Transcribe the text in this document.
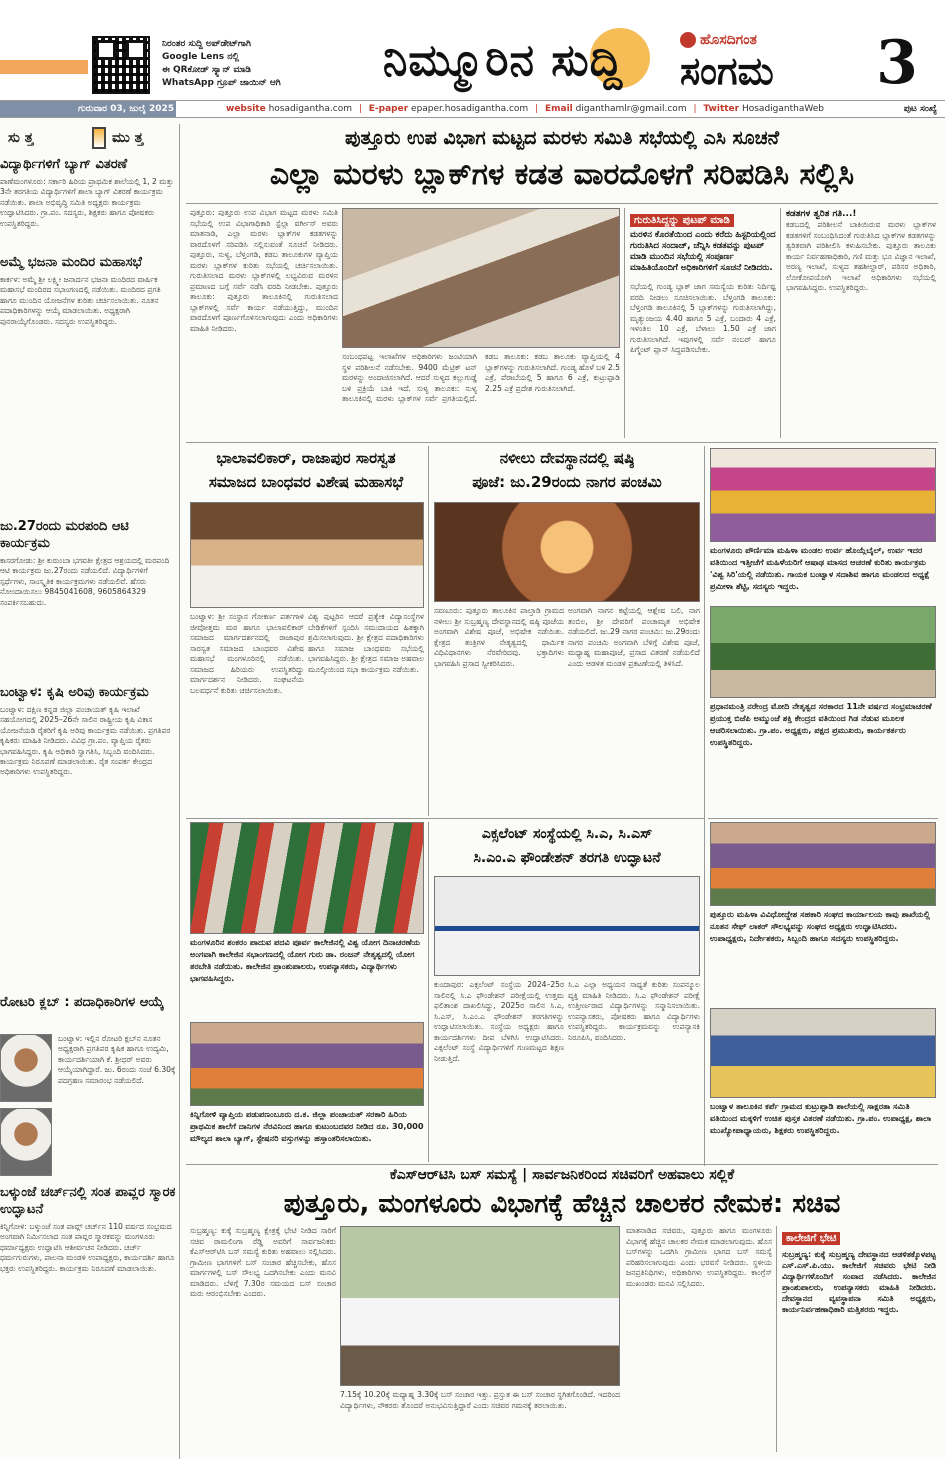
ನಿರಂತರ ಸುದ್ದಿ ಅಪ್‌ಡೇಟ್‌ಗಾಗಿ
Google Lens ನಲ್ಲಿ
ಈ QRಕೋಡ್ ಸ್ಕ್ಯಾನ್ ಮಾಡಿ
WhatsApp ಗ್ರೂಪ್ ಜಾಯಿನ್ ಆಗಿ	ನಿಮ್ಮೂರಿನ ಸುದ್ದಿ	ಹೊಸದಿಗಂತ
ಸಂಗಮ 3
ಗುರುವಾರ 03, ಜುಲೈ 2025	website hosadigantha.com | E-paper epaper.hosadigantha.com | Email diganthamlr@gmail.com | Twitter HosadiganthaWeb	ಪುಟ ಸಂಖ್ಯೆ
ಸು ತ್ತ	ಮು ತ್ತ
ವಿದ್ಯಾರ್ಥಿಗಳಿಗೆ ಬ್ಯಾಗ್ ವಿತರಣೆ
ಪಾಣೆಮಂಗಳೂರು: ಸರ್ಕಾರಿ ಹಿರಿಯ ಪ್ರಾಥಮಿಕ ಶಾಲೆಯಲ್ಲಿ 1, 2 ಮತ್ತು 3ನೇ ತರಗತಿಯ ವಿದ್ಯಾರ್ಥಿಗಳಿಗೆ ಶಾಲಾ ಬ್ಯಾಗ್ ವಿತರಣೆ ಕಾರ್ಯಕ್ರಮ ನಡೆಯಿತು. ಶಾಲಾ ಅಭಿವೃದ್ಧಿ ಸಮಿತಿ ಅಧ್ಯಕ್ಷರು ಕಾರ್ಯಕ್ರಮ ಉದ್ಘಾಟಿಸಿದರು. ಗ್ರಾ.ಪಂ. ಸದಸ್ಯರು, ಶಿಕ್ಷಕರು ಹಾಗೂ ಪೋಷಕರು ಉಪಸ್ಥಿತರಿದ್ದರು.
ಅಮ್ಮೆ ಭಜನಾ ಮಂದಿರ ಮಹಾಸಭೆ
ಕಾರ್ಕಳ: ಅಮ್ಮೆ ಶ್ರೀ ಲಕ್ಷ್ಮೀ ಜನಾರ್ದನ ಭಜನಾ ಮಂದಿರದ ವಾರ್ಷಿಕ ಮಹಾಸಭೆ ಮಂದಿರದ ಸಭಾಂಗಣದಲ್ಲಿ ನಡೆಯಿತು. ಮಂದಿರದ ಪ್ರಗತಿ ಹಾಗೂ ಮುಂದಿನ ಯೋಜನೆಗಳ ಕುರಿತು ಚರ್ಚಿಸಲಾಯಿತು. ನೂತನ ಪದಾಧಿಕಾರಿಗಳನ್ನು ಆಯ್ಕೆ ಮಾಡಲಾಯಿತು. ಅಧ್ಯಕ್ಷರಾಗಿ ಪುನರಾಯ್ಕೆಗೊಂಡರು. ಸದಸ್ಯರು ಉಪಸ್ಥಿತರಿದ್ದರು.
ಜು.27ರಂದು ಮರಪಂದಿ ಆಟಿ ಕಾರ್ಯಕ್ರಮ
ಕಾಸರಗೋಡು: ಶ್ರೀ ಕುರುಂಬಾ ಭಗವತೀ ಕ್ಷೇತ್ರದ ಆಶ್ರಯದಲ್ಲಿ ಮರಪಂದಿ ಆಟಿ ಕಾರ್ಯಕ್ರಮ ಜು.27ರಂದು ನಡೆಯಲಿದೆ. ವಿದ್ಯಾರ್ಥಿಗಳಿಗೆ ಸ್ಪರ್ಧೆಗಳು, ಸಾಂಸ್ಕೃತಿಕ ಕಾರ್ಯಕ್ರಮಗಳು ನಡೆಯಲಿವೆ. ಹೆಸರು ನೋಂದಾಯಿಸಲು 9845041608, 9605864329 ಸಂಪರ್ಕಿಸಬಹುದು.
ಬಂಟ್ವಾಳ: ಕೃಷಿ ಅರಿವು ಕಾರ್ಯಕ್ರಮ
ಬಂಟ್ವಾಳ: ದಕ್ಷಿಣ ಕನ್ನಡ ಜಿಲ್ಲಾ ಪಂಚಾಯತ್ ಕೃಷಿ ಇಲಾಖೆ ಸಹಯೋಗದಲ್ಲಿ 2025–26ನೇ ಸಾಲಿನ ರಾಷ್ಟ್ರೀಯ ಕೃಷಿ ವಿಕಾಸ ಯೋಜನೆಯಡಿ ರೈತರಿಗೆ ಕೃಷಿ ಅರಿವು ಕಾರ್ಯಕ್ರಮ ನಡೆಯಿತು. ಪ್ರಗತಿಪರ ಕೃಷಿಕರು ಮಾಹಿತಿ ನೀಡಿದರು. ವಿವಿಧ ಗ್ರಾ.ಪಂ. ವ್ಯಾಪ್ತಿಯ ರೈತರು ಭಾಗವಹಿಸಿದ್ದರು. ಕೃಷಿ ಅಧಿಕಾರಿ ಸ್ವಾಗತಿಸಿ, ಸಿಬ್ಬಂದಿ ವಂದಿಸಿದರು. ಕಾರ್ಯಕ್ರಮ ನಿರೂಪಣೆ ಮಾಡಲಾಯಿತು. ರೈತ ಸಂಪರ್ಕ ಕೇಂದ್ರದ ಅಧಿಕಾರಿಗಳು ಉಪಸ್ಥಿತರಿದ್ದರು.
ರೋಟರಿ ಕ್ಲಬ್ : ಪದಾಧಿಕಾರಿಗಳ ಆಯ್ಕೆ
ಬಂಟ್ವಾಳ: ಇಲ್ಲಿನ ರೋಟರಿ ಕ್ಲಬ್‌ನ ನೂತನ ಅಧ್ಯಕ್ಷರಾಗಿ ಪ್ರಗತಿಪರ ಕೃಷಿಕ ಹಾಗೂ ಉದ್ಯಮಿ, ಕಾರ್ಯದರ್ಶಿಯಾಗಿ ಕೆ. ಶ್ರೀಧರ್ ಅವರು ಆಯ್ಕೆಯಾಗಿದ್ದಾರೆ. ಜು. 6ರಂದು ಸಂಜೆ 6.30ಕ್ಕೆ ಪದಗ್ರಹಣ ಸಮಾರಂಭ ನಡೆಯಲಿದೆ.
ಬಳ್ಕುಂಜೆ ಚರ್ಚ್‌ನಲ್ಲಿ ಸಂತ ಪಾವ್ಲರ ಸ್ಮಾರಕ ಉದ್ಘಾಟನೆ
ಕಿನ್ನಿಗೋಳಿ: ಬಳ್ಕುಂಜೆ ಸಂತ ಪಾವ್ಲ್ ಚರ್ಚ್‌ನ 110 ವರ್ಷದ ಸಂಭ್ರಮದ ಅಂಗವಾಗಿ ನಿರ್ಮಿಸಲಾದ ಸಂತ ಪಾವ್ಲರ ಸ್ಮಾರಕವನ್ನು ಮಂಗಳೂರು ಧರ್ಮಾಧ್ಯಕ್ಷರು ಉದ್ಘಾಟಿಸಿ ಆಶೀರ್ವಚನ ನೀಡಿದರು. ಚರ್ಚ್ ಧರ್ಮಗುರುಗಳು, ಪಾಲನಾ ಮಂಡಳಿ ಉಪಾಧ್ಯಕ್ಷರು, ಕಾರ್ಯದರ್ಶಿ ಹಾಗೂ ಭಕ್ತರು ಉಪಸ್ಥಿತರಿದ್ದರು. ಕಾರ್ಯಕ್ರಮ ನಿರೂಪಣೆ ಮಾಡಲಾಯಿತು.
ಪುತ್ತೂರು ಉಪ ವಿಭಾಗ ಮಟ್ಟದ ಮರಳು ಸಮಿತಿ ಸಭೆಯಲ್ಲಿ ಎಸಿ ಸೂಚನೆ
ಎಲ್ಲಾ ಮರಳು ಬ್ಲಾಕ್‌ಗಳ ಕಡತ ವಾರದೊಳಗೆ ಸರಿಪಡಿಸಿ ಸಲ್ಲಿಸಿ
ಪುತ್ತೂರು: ಪುತ್ತೂರು ಉಪ ವಿಭಾಗ ಮಟ್ಟದ ಮರಳು ಸಮಿತಿ ಸಭೆಯಲ್ಲಿ ಉಪ ವಿಭಾಗಾಧಿಕಾರಿ ಸ್ಟೆಲ್ಲಾ ವರ್ಗೀಸ್ ಅವರು ಮಾತನಾಡಿ, ಎಲ್ಲಾ ಮರಳು ಬ್ಲಾಕ್‌ಗಳ ಕಡತಗಳನ್ನು ವಾರದೊಳಗೆ ಸರಿಪಡಿಸಿ ಸಲ್ಲಿಸುವಂತೆ ಸೂಚನೆ ನೀಡಿದರು. ಪುತ್ತೂರು, ಸುಳ್ಯ, ಬೆಳ್ತಂಗಡಿ, ಕಡಬ ತಾಲೂಕುಗಳ ವ್ಯಾಪ್ತಿಯ ಮರಳು ಬ್ಲಾಕ್‌ಗಳ ಕುರಿತು ಸಭೆಯಲ್ಲಿ ಚರ್ಚಿಸಲಾಯಿತು. ಗುರುತಿಸಲಾದ ಮರಳು ಬ್ಲಾಕ್‌ಗಳಲ್ಲಿ ಲಭ್ಯವಿರುವ ಮರಳಿನ ಪ್ರಮಾಣದ ಬಗ್ಗೆ ಸರ್ವೆ ನಡೆಸಿ ವರದಿ ನೀಡಬೇಕು. ಪುತ್ತೂರು ತಾಲೂಕು: ಪುತ್ತೂರು ತಾಲೂಕಿನಲ್ಲಿ ಗುರುತಿಸಲಾದ ಬ್ಲಾಕ್‌ಗಳಲ್ಲಿ ಸರ್ವೆ ಕಾರ್ಯ ನಡೆಯುತ್ತಿದ್ದು, ಮುಂದಿನ ವಾರದೊಳಗೆ ಪೂರ್ಣಗೊಳಿಸಲಾಗುವುದು ಎಂದು ಅಧಿಕಾರಿಗಳು ಮಾಹಿತಿ ನೀಡಿದರು.
ಸಂಬಂಧಪಟ್ಟ ಇಲಾಖೆಗಳ ಅಧಿಕಾರಿಗಳು ಜಂಟಿಯಾಗಿ ಸ್ಥಳ ಪರಿಶೀಲನೆ ನಡೆಸಬೇಕು. 9400 ಮೆಟ್ರಿಕ್ ಟನ್ ಮರಳನ್ನು ಅಂದಾಜಿಸಲಾಗಿದೆ. ಆದರೆ ಸುಳ್ಯದ ಕಲ್ಲುಗುಡ್ಡೆ ಬಳಿ ಪ್ರಕ್ರಿಯೆ ಬಾಕಿ ಇದೆ. ಸುಳ್ಯ ತಾಲೂಕು: ಸುಳ್ಯ ತಾಲೂಕಿನಲ್ಲಿ ಮರಳು ಬ್ಲಾಕ್‌ಗಳ ಸರ್ವೆ ಪ್ರಗತಿಯಲ್ಲಿದೆ. ಕಡಬ ತಾಲೂಕು: ಕಡಬ ತಾಲೂಕು ವ್ಯಾಪ್ತಿಯಲ್ಲಿ 4 ಬ್ಲಾಕ್‌ಗಳನ್ನು ಗುರುತಿಸಲಾಗಿದೆ. ಗುಂಡ್ಯ ಹೊಳೆ ಬಳಿ 2.5 ಎಕ್ರೆ, ಪೆರಾಬೆಯಲ್ಲಿ 5 ಹಾಗೂ 6 ಎಕ್ರೆ, ಕುಟ್ರುಪ್ಪಾಡಿ 2.25 ಎಕ್ರೆ ಪ್ರದೇಶ ಗುರುತಿಸಲಾಗಿದೆ.
ಗುರುತಿಸಿದ್ದನ್ನು ಪುಟಪ್ ಮಾಡಿ
ಮರಳಿನ ಕೊರತೆಯಿಂದ ಎಂದು ಕರೆದು ಹಿಸ್ಟರಿಯಲ್ಲಿಂದ ಗುರುತಿಸಿದ ಸಂದಾಜ್, ಚೆನ್ನಿಸಿ ಕಡತವನ್ನು ಪುಟಪ್ ಮಾಡಿ ಮುಂದಿನ ಸಭೆಯಲ್ಲಿ ಸಂಪೂರ್ಣ ಮಾಹಿತಿಯೊಂದಿಗೆ ಅಧಿಕಾರಿಗಳಿಗೆ ಸೂಚನೆ ನೀಡಿದರು.
ಸಭೆಯಲ್ಲಿ ಗುಂಡ್ಯ ಬ್ಲಾಕ್ ಜಾಗ ಸಮಸ್ಯೆಯ ಕುರಿತು ನಿರ್ದಿಷ್ಟ ವರದಿ ನೀಡಲು ಸೂಚಿಸಲಾಯಿತು. ಬೆಳ್ತಂಗಡಿ ತಾಲೂಕು: ಬೆಳ್ತಂಗಡಿ ತಾಲೂಕಿನಲ್ಲಿ 5 ಬ್ಲಾಕ್‌ಗಳನ್ನು ಗುರುತಿಸಲಾಗಿದ್ದು, ಮೃತ್ಯುಂಜಯ 4.40 ಹಾಗೂ 5 ಎಕ್ರೆ, ಬಂದಾರು 4 ಎಕ್ರೆ, ಇಳಂತಿಲ 10 ಎಕ್ರೆ, ಬೆಳಾಲು 1.50 ಎಕ್ರೆ ಜಾಗ ಗುರುತಿಸಲಾಗಿದೆ. ಇವುಗಳಲ್ಲಿ ಸರ್ವೆ ನಂಬರ್ ಹಾಗೂ ಪಿಗ್ಮೆಂಟ್ ಪ್ಲಾನ್ ಸಿದ್ಧಪಡಿಸಬೇಕು.
ಕಡತಗಳ ತ್ವರಿತ ಗತಿ...!
ಕಡಬದಲ್ಲಿ ಪರಿಶೀಲನೆ ಬಾಕಿಯಿರುವ ಮರಳು ಬ್ಲಾಕ್‌ಗಳ ಕಡತಗಳಿಗೆ ಸಂಬಂಧಿಸಿದಂತೆ ಗುರುತಿಸಿದ ಬ್ಲಾಕ್‌ಗಳ ಕಡತಗಳನ್ನು ತ್ವರಿತವಾಗಿ ಪರಿಶೀಲಿಸಿ ಕಳುಹಿಸಬೇಕು. ಪುತ್ತೂರು ತಾಲೂಕು ಕಾರ್ಯ ನಿರ್ವಹಣಾಧಿಕಾರಿ, ಗಣಿ ಮತ್ತು ಭೂ ವಿಜ್ಞಾನ ಇಲಾಖೆ, ಅರಣ್ಯ ಇಲಾಖೆ, ಸುಳ್ಯದ ತಹಶೀಲ್ದಾರ್, ಪರಿಸರ ಅಧಿಕಾರಿ, ಲೋಕೋಪಯೋಗಿ ಇಲಾಖೆ ಅಧಿಕಾರಿಗಳು ಸಭೆಯಲ್ಲಿ ಭಾಗವಹಿಸಿದ್ದರು. ಉಪಸ್ಥಿತರಿದ್ದರು.
ಭಾಲಾವಲಿಕಾರ್, ರಾಜಾಪುರ ಸಾರಸ್ವತ
ಸಮಾಜದ ಬಾಂಧವರ ವಿಶೇಷ ಮಹಾಸಭೆ
ಬಂಟ್ವಾಳ: ಶ್ರೀ ಸಂಸ್ಥಾನ ಗೋಕರ್ಣ ಪರ್ತಗಾಳಿ ಜೀವೋತ್ತಮ ಮಠ ಹಾಗೂ ಭಾಲಾವಲಿಕಾರ್ ಸಮಾಜದ ಮಾರ್ಗದರ್ಶನದಲ್ಲಿ ರಾಜಾಪುರ ಸಾರಸ್ವತ ಸಮಾಜದ ಬಾಂಧವರ ವಿಶೇಷ ಮಹಾಸಭೆ ಮಂಗಳೂರಿನಲ್ಲಿ ನಡೆಯಿತು. ಸಮಾಜದ ಹಿರಿಯರು ಉಪಸ್ಥಿತರಿದ್ದು ಮಾರ್ಗದರ್ಶನ ನೀಡಿದರು. ಸಂಘಟನೆಯ ಬಲವರ್ಧನೆ ಕುರಿತು ಚರ್ಚಿಸಲಾಯಿತು.
ವಿಶ್ವ ಪುಟ್ಟರಿನ ಆದರೆ ಪ್ರತ್ಯೇಕ ವಿದ್ಯಾಸಂಸ್ಥೆಗಳ ಬೇಡಿಕೆಗಳಿಗೆ ಸ್ಪಂದಿಸಿ ಸಮುದಾಯದ ಹಿತಕ್ಕಾಗಿ ಶ್ರಮಿಸಲಾಗುವುದು. ಶ್ರೀ ಕ್ಷೇತ್ರದ ಪದಾಧಿಕಾರಿಗಳು ಹಾಗೂ ಸಮಾಜ ಬಾಂಧವರು ಸಭೆಯಲ್ಲಿ ಭಾಗವಹಿಸಿದ್ದರು. ಶ್ರೀ ಕ್ಷೇತ್ರದ ಸಮಾಜ ಅಹವಾಲ ಮೂಲ್ಕೀಯಿಂದ ಸಭಾ ಕಾರ್ಯಕ್ರಮ ನಡೆಯಿತು.
ನಳೀಲು ದೇವಸ್ಥಾನದಲ್ಲಿ ಷಷ್ಠಿ
ಪೂಜೆ: ಜು.29ರಂದು ನಾಗರ ಪಂಚಮಿ
ಸವಣೂರು: ಪುತ್ತೂರು ತಾಲೂಕಿನ ಪಾಲ್ತಾಡಿ ಗ್ರಾಮದ ನಳೀಲು ಶ್ರೀ ಸುಬ್ರಹ್ಮಣ್ಯ ದೇವಸ್ಥಾನದಲ್ಲಿ ಷಷ್ಠಿ ಪೂಜೆಯ ಅಂಗವಾಗಿ ವಿಶೇಷ ಪೂಜೆ, ಅಭಿಷೇಕ ನಡೆಯಿತು. ಕ್ಷೇತ್ರದ ತಂತ್ರಿಗಳ ನೇತೃತ್ವದಲ್ಲಿ ಧಾರ್ಮಿಕ ವಿಧಿವಿಧಾನಗಳು ನೆರವೇರಿದವು. ಭಕ್ತಾದಿಗಳು ಭಾಗವಹಿಸಿ ಪ್ರಸಾದ ಸ್ವೀಕರಿಸಿದರು.
ಅಂಗವಾಗಿ ನಾಗನ ಕಟ್ಟೆಯಲ್ಲಿ ಆಶ್ಲೇಷ ಬಲಿ, ನಾಗ ತಂಬಿಲ, ಶ್ರೀ ದೇವರಿಗೆ ಪಂಚಾಮೃತ ಅಭಿಷೇಕ ನಡೆಯಲಿದೆ. ಜು.29 ನಾಗರ ಪಂಚಮಿ: ಜು.29ರಂದು ನಾಗರ ಪಂಚಮಿ ಅಂಗವಾಗಿ ಬೆಳಿಗ್ಗೆ ವಿಶೇಷ ಪೂಜೆ, ಮಧ್ಯಾಹ್ನ ಮಹಾಪೂಜೆ, ಪ್ರಸಾದ ವಿತರಣೆ ನಡೆಯಲಿದೆ ಎಂದು ಆಡಳಿತ ಮಂಡಳಿ ಪ್ರಕಟಣೆಯಲ್ಲಿ ತಿಳಿಸಿದೆ.
ಮಂಗಳೂರು ಪೌರ್ಣಿಮಾ ಮಹಿಳಾ ಮಂಡಲ ಉರ್ವ ಹೊಯ್ಗೆಬೈಲ್, ಉರ್ವ ಇದರ ವತಿಯಿಂದ ಇತ್ತೀಚೆಗೆ ಮಹಿಳೆಯರಿಗೆ ಆಷಾಢ ಮಾಸದ ಆಚರಣೆ ಕುರಿತು ಕಾರ್ಯಕ್ರಮ 'ವಿಶ್ವ ಸಿರಿ'ಯಲ್ಲಿ ನಡೆಯಿತು. ಗಾಯಕ ಬಂಟ್ವಾಳ ಸದಾಶಿವ ಹಾಗೂ ಮಂಡಲದ ಅಧ್ಯಕ್ಷೆ ಪ್ರಮೀಳಾ ಶೆಟ್ಟಿ, ಸದಸ್ಯರು ಇದ್ದರು.
ಪ್ರಧಾನಮಂತ್ರಿ ನರೇಂದ್ರ ಮೋದಿ ನೇತೃತ್ವದ ಸರಕಾರದ 11ನೇ ವರ್ಷದ ಸಂಭ್ರಮಾಚರಣೆ ಪ್ರಯುಕ್ತ ಬಿಜೆಪಿ ಅಮ್ಮುಂಜೆ ಶಕ್ತಿ ಕೇಂದ್ರದ ವತಿಯಿಂದ ಗಿಡ ನೆಡುವ ಮೂಲಕ ಆಚರಿಸಲಾಯಿತು. ಗ್ರಾ.ಪಂ. ಅಧ್ಯಕ್ಷರು, ಪಕ್ಷದ ಪ್ರಮುಖರು, ಕಾರ್ಯಕರ್ತರು ಉಪಸ್ಥಿತರಿದ್ದರು.
ಪುತ್ತೂರು ಮಹಿಳಾ ವಿವಿಧೋದ್ದೇಶ ಸಹಕಾರಿ ಸಂಘದ ಕಾರ್ಯಾಲಯ ಕಾವು ಶಾಖೆಯಲ್ಲಿ ನೂತನ ಸೇಫ್ ಲಾಕರ್ ಸೌಲಭ್ಯವನ್ನು ಸಂಘದ ಅಧ್ಯಕ್ಷರು ಉದ್ಘಾಟಿಸಿದರು. ಉಪಾಧ್ಯಕ್ಷರು, ನಿರ್ದೇಶಕರು, ಸಿಬ್ಬಂದಿ ಹಾಗೂ ಸದಸ್ಯರು ಉಪಸ್ಥಿತರಿದ್ದರು.
ಬಂಟ್ವಾಳ ತಾಲೂಕಿನ ಕರ್ಪೆ ಗ್ರಾಮದ ಕುಟ್ರುಪ್ಪಾಡಿ ಶಾಲೆಯಲ್ಲಿ ಸಾಕ್ಷರತಾ ಸಮಿತಿ ವತಿಯಿಂದ ಮಕ್ಕಳಿಗೆ ಉಚಿತ ಪುಸ್ತಕ ವಿತರಣೆ ನಡೆಯಿತು. ಗ್ರಾ.ಪಂ. ಉಪಾಧ್ಯಕ್ಷ, ಶಾಲಾ ಮುಖ್ಯೋಪಾಧ್ಯಾಯರು, ಶಿಕ್ಷಕರು ಉಪಸ್ಥಿತರಿದ್ದರು.
ಮಂಗಳೂರಿನ ಶಂಕರಂ ಪಾದುವ ಪದವಿ ಪೂರ್ವ ಕಾಲೇಜಿನಲ್ಲಿ ವಿಶ್ವ ಯೋಗ ದಿನಾಚರಣೆಯ ಅಂಗವಾಗಿ ಕಾಲೇಜಿನ ಸಭಾಂಗಣದಲ್ಲಿ ಯೋಗ ಗುರು ಡಾ. ರಂಜನ್ ನೇತೃತ್ವದಲ್ಲಿ ಯೋಗ ತರಬೇತಿ ನಡೆಯಿತು. ಕಾಲೇಜಿನ ಪ್ರಾಂಶುಪಾಲರು, ಉಪನ್ಯಾಸಕರು, ವಿದ್ಯಾರ್ಥಿಗಳು ಭಾಗವಹಿಸಿದ್ದರು.
ಕಿನ್ನಿಗೋಳಿ ವ್ಯಾಪ್ತಿಯ ಪಡುಪಣಂಬೂರು ದ.ಕ. ಜಿಲ್ಲಾ ಪಂಚಾಯತ್ ಸರಕಾರಿ ಹಿರಿಯ ಪ್ರಾಥಮಿಕ ಶಾಲೆಗೆ ದಾನಿಗಳ ನೆರವಿನಿಂದ ಹಾಗೂ ಕುಟುಂಬದವರ ನೀಡಿದ ರೂ. 30,000 ಮೌಲ್ಯದ ಶಾಲಾ ಬ್ಯಾಗ್, ಸ್ಟೇಷನರಿ ವಸ್ತುಗಳನ್ನು ಹಸ್ತಾಂತರಿಸಲಾಯಿತು.
ಎಕ್ಸಲೆಂಟ್ ಸಂಸ್ಥೆಯಲ್ಲಿ ಸಿ.ಎ, ಸಿ.ಎಸ್
ಸಿ.ಎಂ.ಎ ಫೌಂಡೇಶನ್ ತರಗತಿ ಉದ್ಘಾಟನೆ
ಕುಂದಾಪುರ: ಎಕ್ಸಲೆಂಟ್ ಸಂಸ್ಥೆಯ 2024–25ರ ಸಾಲಿನಲ್ಲಿ ಸಿ.ಎ ಫೌಂಡೇಶನ್ ಪರೀಕ್ಷೆಯಲ್ಲಿ ಉತ್ತಮ ಫಲಿತಾಂಶ ದಾಖಲಿಸಿದ್ದು, 2025ರ ಸಾಲಿನ ಸಿ.ಎ, ಸಿ.ಎಸ್, ಸಿ.ಎಂ.ಎ ಫೌಂಡೇಶನ್ ತರಗತಿಗಳನ್ನು ಉದ್ಘಾಟಿಸಲಾಯಿತು. ಸಂಸ್ಥೆಯ ಅಧ್ಯಕ್ಷರು ಹಾಗೂ ಕಾರ್ಯದರ್ಶಿಗಳು ದೀಪ ಬೆಳಗಿಸಿ ಉದ್ಘಾಟಿಸಿದರು. ಎಕ್ಸಲೆಂಟ್ ಸಂಸ್ಥೆ ವಿದ್ಯಾರ್ಥಿಗಳಿಗೆ ಗುಣಮಟ್ಟದ ಶಿಕ್ಷಣ ನೀಡುತ್ತಿದೆ.
ಸಿ.ಎ ಎಲ್ಲಾ ಅಧ್ಯಯನ ಸಾಧ್ಯತೆ ಕುರಿತು ಸಂಪನ್ಮೂಲ ವ್ಯಕ್ತಿ ಮಾಹಿತಿ ನೀಡಿದರು. ಸಿ.ಎ ಫೌಂಡೇಶನ್ ಪರೀಕ್ಷೆ ಉತ್ತೀರ್ಣರಾದ ವಿದ್ಯಾರ್ಥಿಗಳನ್ನು ಸನ್ಮಾನಿಸಲಾಯಿತು. ಉಪನ್ಯಾಸಕರು, ಪೋಷಕರು ಹಾಗೂ ವಿದ್ಯಾರ್ಥಿಗಳು ಉಪಸ್ಥಿತರಿದ್ದರು. ಕಾರ್ಯಕ್ರಮವನ್ನು ಉಪನ್ಯಾಸಕಿ ನಿರೂಪಿಸಿ, ವಂದಿಸಿದರು.
ಕೆಎಸ್ಆರ್‌ಟಿಸಿ ಬಸ್ ಸಮಸ್ಯೆ | ಸಾರ್ವಜನಿಕರಿಂದ ಸಚಿವರಿಗೆ ಅಹವಾಲು ಸಲ್ಲಿಕೆ
ಪುತ್ತೂರು, ಮಂಗಳೂರು ವಿಭಾಗಕ್ಕೆ ಹೆಚ್ಚಿನ ಚಾಲಕರ ನೇಮಕ: ಸಚಿವ
ಸುಬ್ರಹ್ಮಣ್ಯ: ಕುಕ್ಕೆ ಸುಬ್ರಹ್ಮಣ್ಯ ಕ್ಷೇತ್ರಕ್ಕೆ ಭೇಟಿ ನೀಡಿದ ಸಾರಿಗೆ ಸಚಿವ ರಾಮಲಿಂಗಾ ರೆಡ್ಡಿ ಅವರಿಗೆ ಸಾರ್ವಜನಿಕರು ಕೆಎಸ್ಆರ್‌ಟಿಸಿ ಬಸ್ ಸಮಸ್ಯೆ ಕುರಿತು ಅಹವಾಲು ಸಲ್ಲಿಸಿದರು. ಗ್ರಾಮೀಣ ಭಾಗಗಳಿಗೆ ಬಸ್ ಸಂಚಾರ ಹೆಚ್ಚಿಸಬೇಕು, ಹೊಸ ಮಾರ್ಗಗಳಲ್ಲಿ ಬಸ್ ಸೌಲಭ್ಯ ಒದಗಿಸಬೇಕು ಎಂದು ಮನವಿ ಮಾಡಿದರು. ಬೆಳಿಗ್ಗೆ 7.30ರ ಸಮಯದ ಬಸ್ ಸಂಚಾರ ಮರು ಆರಂಭಿಸಬೇಕು ಎಂದರು.
7.15ಕ್ಕೆ 10.20ಕ್ಕೆ ಮಧ್ಯಾಹ್ನ 3.30ಕ್ಕೆ ಬಸ್ ಸಂಚಾರ ಇತ್ತು. ಪ್ರಸ್ತುತ ಈ ಬಸ್ ಸಂಚಾರ ಸ್ಥಗಿತಗೊಂಡಿದೆ. ಇದರಿಂದ ವಿದ್ಯಾರ್ಥಿಗಳು, ನೌಕರರು ತೊಂದರೆ ಅನುಭವಿಸುತ್ತಿದ್ದಾರೆ ಎಂದು ಸಚಿವರ ಗಮನಕ್ಕೆ ತರಲಾಯಿತು.
ಮಾತನಾಡಿದ ಸಚಿವರು, ಪುತ್ತೂರು ಹಾಗೂ ಮಂಗಳೂರು ವಿಭಾಗಕ್ಕೆ ಹೆಚ್ಚಿನ ಚಾಲಕರ ನೇಮಕ ಮಾಡಲಾಗುವುದು. ಹೊಸ ಬಸ್‌ಗಳನ್ನು ಒದಗಿಸಿ ಗ್ರಾಮೀಣ ಭಾಗದ ಬಸ್ ಸಮಸ್ಯೆ ಪರಿಹರಿಸಲಾಗುವುದು ಎಂದು ಭರವಸೆ ನೀಡಿದರು. ಸ್ಥಳೀಯ ಜನಪ್ರತಿನಿಧಿಗಳು, ಅಧಿಕಾರಿಗಳು ಉಪಸ್ಥಿತರಿದ್ದರು. ಕಾಂಗ್ರೆಸ್ ಮುಖಂಡರು ಮನವಿ ಸಲ್ಲಿಸಿದರು.
ಕಾಲೇಜಿಗೆ ಭೇಟಿ
ಸುಬ್ರಹ್ಮಣ್ಯ: ಕುಕ್ಕೆ ಸುಬ್ರಹ್ಮಣ್ಯ ದೇವಸ್ಥಾನದ ಆಡಳಿತಕ್ಕೊಳಪಟ್ಟ ಎಸ್.ಎಸ್.ಪಿ.ಯು. ಕಾಲೇಜಿಗೆ ಸಚಿವರು ಭೇಟಿ ನೀಡಿ ವಿದ್ಯಾರ್ಥಿಗಳೊಂದಿಗೆ ಸಂವಾದ ನಡೆಸಿದರು. ಕಾಲೇಜಿನ ಪ್ರಾಂಶುಪಾಲರು, ಉಪನ್ಯಾಸಕರು ಮಾಹಿತಿ ನೀಡಿದರು. ದೇವಸ್ಥಾನದ ವ್ಯವಸ್ಥಾಪನಾ ಸಮಿತಿ ಅಧ್ಯಕ್ಷರು, ಕಾರ್ಯನಿರ್ವಹಣಾಧಿಕಾರಿ ಮತ್ತಿತರರು ಇದ್ದರು.
